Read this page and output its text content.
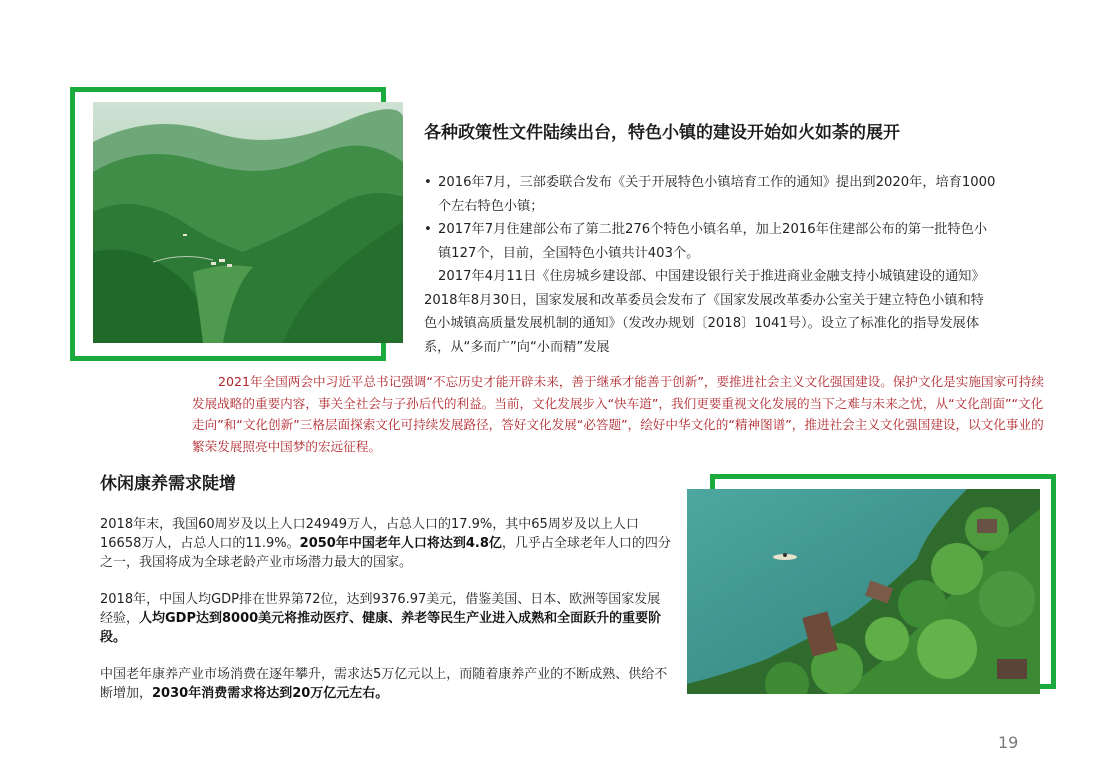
各种政策性文件陆续出台，特色小镇的建设开始如火如荼的展开
• 2016年7月，三部委联合发布《关于开展特色小镇培育工作的通知》提出到2020年，培育1000
个左右特色小镇；
• 2017年7月住建部公布了第二批276个特色小镇名单，加上2016年住建部公布的第一批特色小
镇127个，目前，全国特色小镇共计403个。
2017年4月11日《住房城乡建设部、中国建设银行关于推进商业金融支持小城镇建设的通知》
2018年8月30日，国家发展和改革委员会发布了《国家发展改革委办公室关于建立特色小镇和特
色小城镇高质量发展机制的通知》（发改办规划〔2018〕1041号）。设立了标准化的指导发展体
系，从“多而广”向“小而精”发展
2021年全国两会中习近平总书记强调“不忘历史才能开辟未来，善于继承才能善于创新”，要推进社会主义文化强国建设。保护文化是实施国家可持续发展战略的重要内容，事关全社会与子孙后代的利益。当前，文化发展步入“快车道”，我们更要重视文化发展的当下之难与未来之忧，从“文化剖面”“文化走向”和“文化创新”三格层面探索文化可持续发展路径，答好文化发展“必答题”，绘好中华文化的“精神图谱”，推进社会主义文化强国建设，以文化事业的繁荣发展照亮中国梦的宏远征程。
休闲康养需求陡增

2018年末，我国60周岁及以上人口24949万人，占总人口的17.9%，其中65周岁及以上人口16658万人，占总人口的11.9%。2050年中国老年人口将达到4.8亿，几乎占全球老年人口的四分之一，我国将成为全球老龄产业市场潜力最大的国家。

2018年，中国人均GDP排在世界第72位，达到9376.97美元，借鉴美国、日本、欧洲等国家发展经验，人均GDP达到8000美元将推动医疗、健康、养老等民生产业进入成熟和全面跃升的重要阶段。

中国老年康养产业市场消费在逐年攀升，需求达5万亿元以上，而随着康养产业的不断成熟、供给不断增加，2030年消费需求将达到20万亿元左右。

19
